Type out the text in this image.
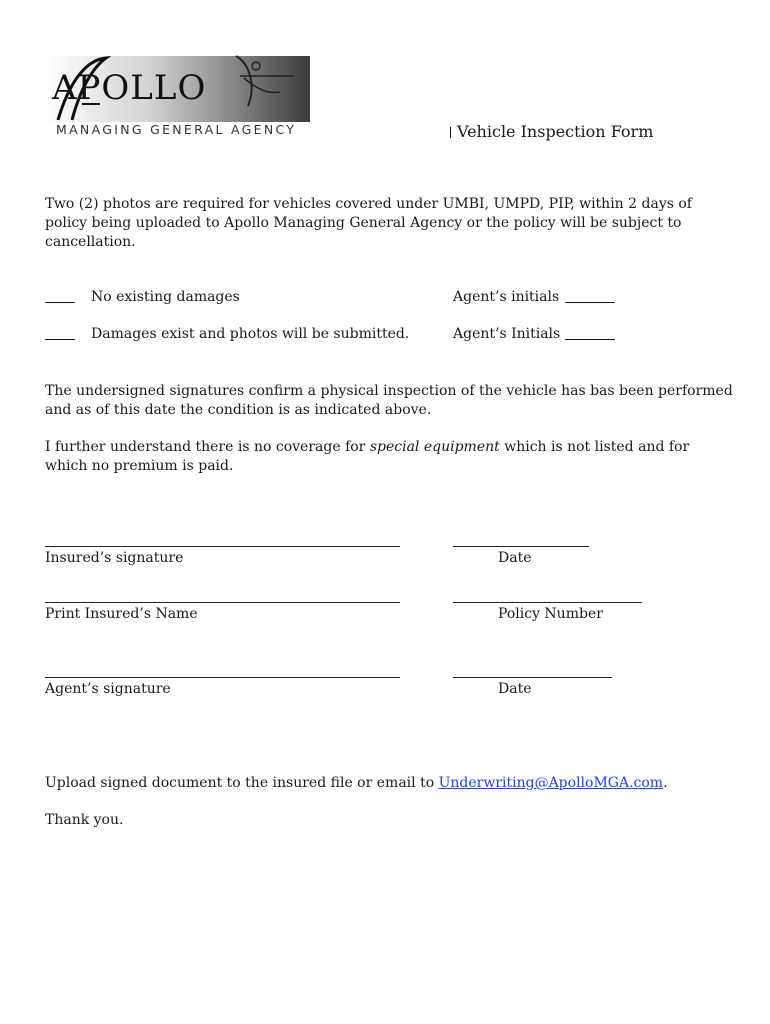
APOLLO
MANAGING GENERAL AGENCY	Vehicle Inspection Form
Two (2) photos are required for vehicles covered under UMBI, UMPD, PIP, within 2 days of policy being uploaded to Apollo Managing General Agency or the policy will be subject to cancellation.
No existing damages	Agent’s initials
Damages exist and photos will be submitted.	Agent’s Initials
The undersigned signatures confirm a physical inspection of the vehicle has bas been performed and as of this date the condition is as indicated above.
I further understand there is no coverage for special equipment which is not listed and for which no premium is paid.
Insured’s signature	Date
Print Insured’s Name	Policy Number
Agent’s signature	Date
Upload signed document to the insured file or email to Underwriting@ApolloMGA.com.
Thank you.
